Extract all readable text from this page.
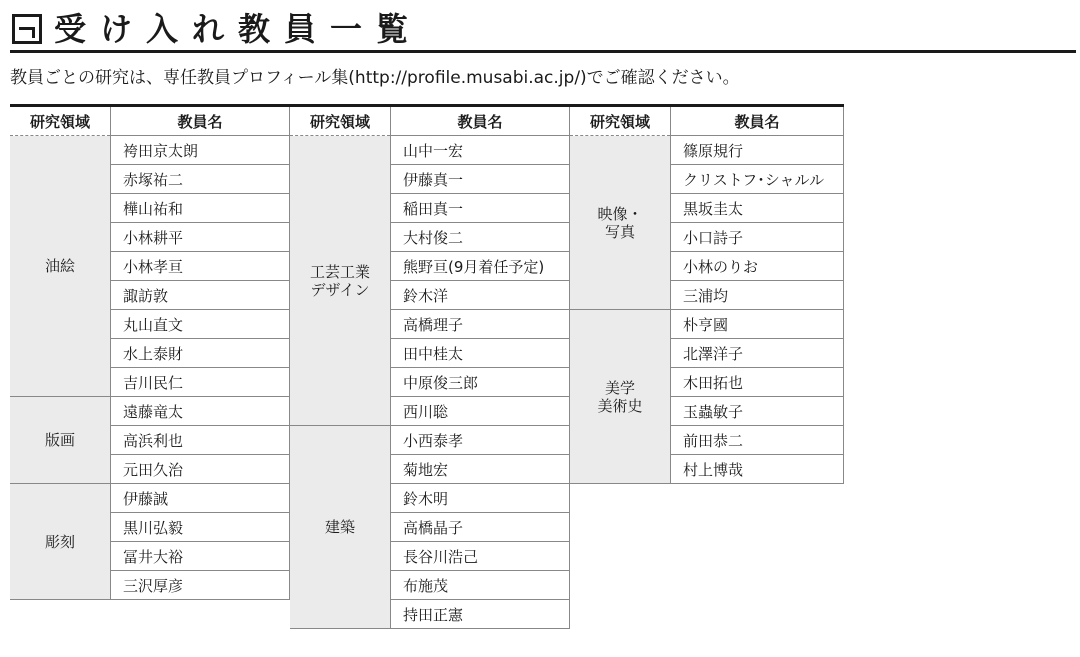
受け入れ教員一覧
教員ごとの研究は、専任教員プロフィール集(http://profile.musabi.ac.jp/)でご確認ください。
研究領域	教員名
油絵	袴田京太朗
	赤塚祐二
	樺山祐和
	小林耕平
	小林孝亘
	諏訪敦
	丸山直文
	水上泰財
	吉川民仁
版画	遠藤竜太
	高浜利也
	元田久治
彫刻	伊藤誠
	黒川弘毅
	冨井大裕
	三沢厚彦
研究領域	教員名
工芸工業
デザイン	山中一宏
	伊藤真一
	稲田真一
	大村俊二
	熊野亘(9月着任予定)
	鈴木洋
	高橋理子
	田中桂太
	中原俊三郎
	西川聡
建築	小西泰孝
	菊地宏
	鈴木明
	高橋晶子
	長谷川浩己
	布施茂
	持田正憲
研究領域	教員名
映像・
写真	篠原規行
	クリストフ･シャルル
	黒坂圭太
	小口詩子
	小林のりお
	三浦均
美学
美術史	朴亨國
	北澤洋子
	木田拓也
	玉蟲敏子
	前田恭二
	村上博哉
